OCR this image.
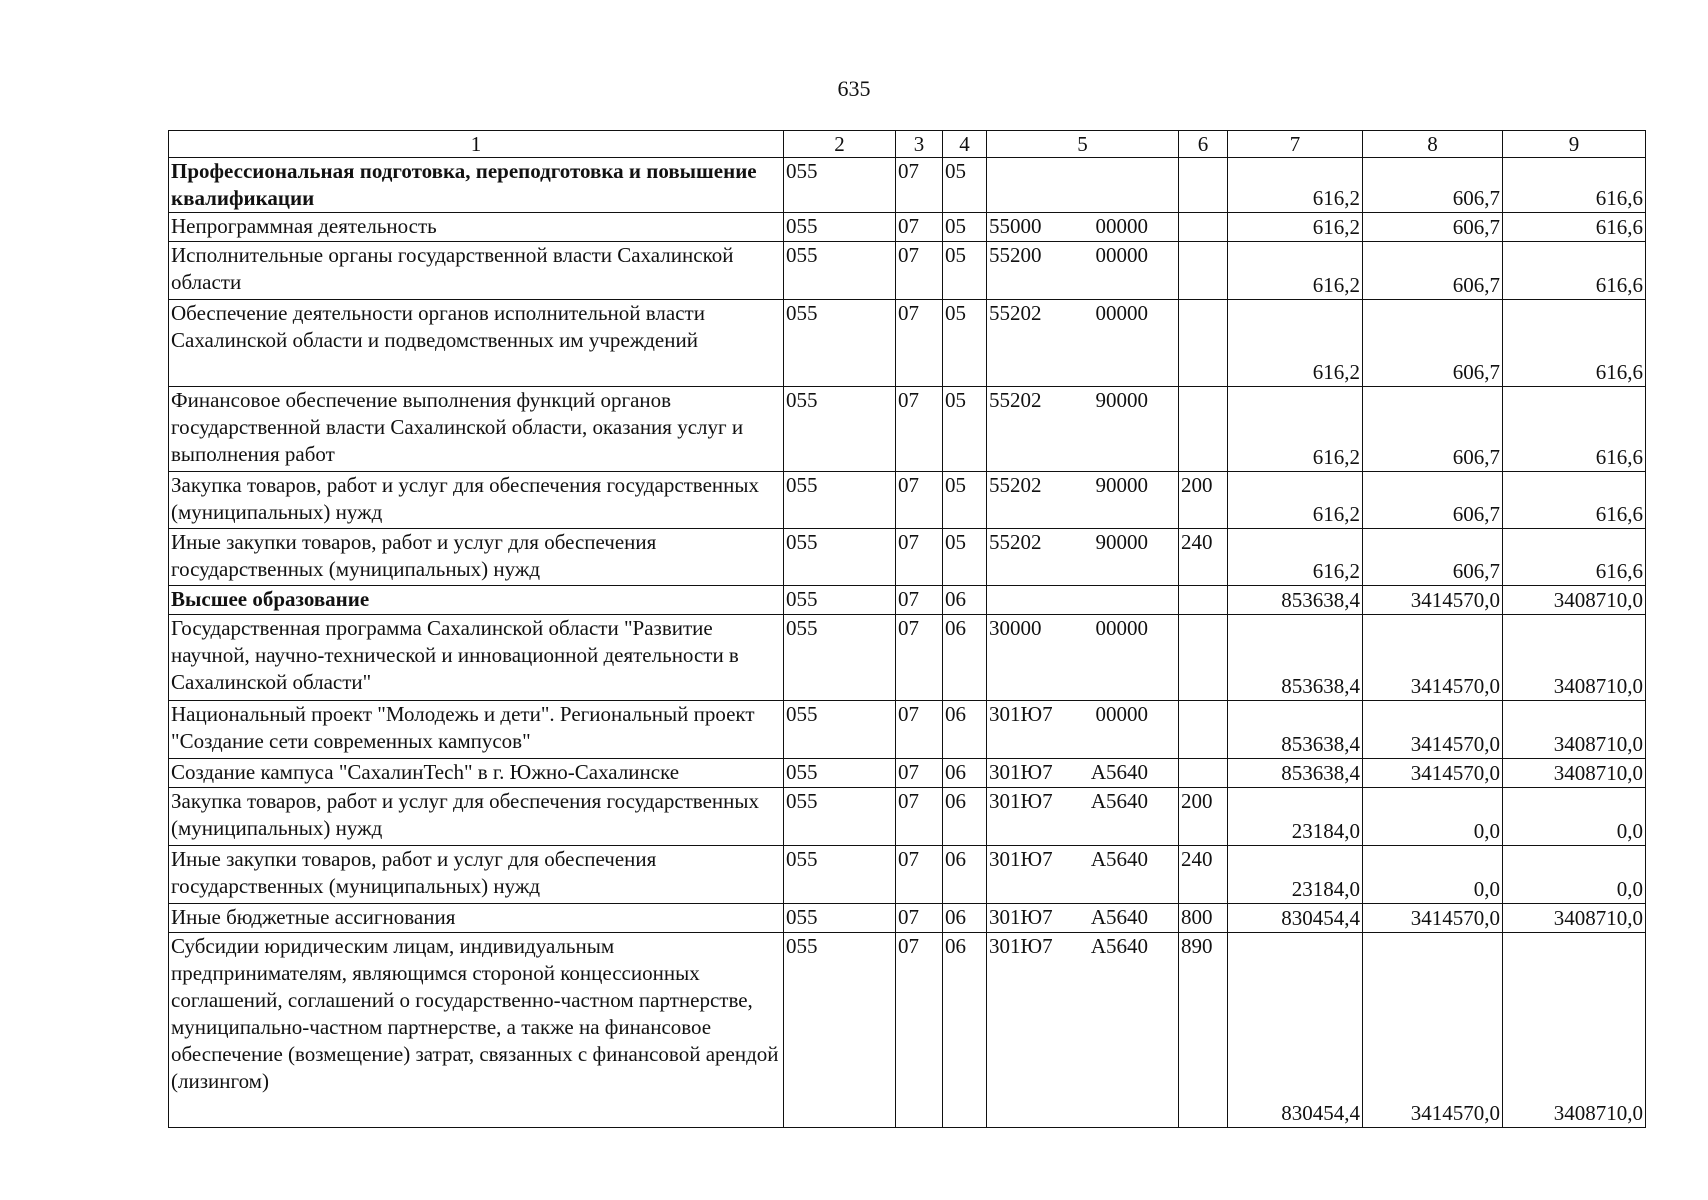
635
1	2	3	4	5	6	7	8	9
Профессиональная подготовка, переподготовка и повышение квалификации	055	07	05			616,2	606,7	616,6
Непрограммная деятельность	055	07	05	55000 00000		616,2	606,7	616,6
Исполнительные органы государственной власти Сахалинской области	055	07	05	55200 00000		616,2	606,7	616,6
Обеспечение деятельности органов исполнительной власти Сахалинской области и подведомственных им учреждений	055	07	05	55202 00000		616,2	606,7	616,6
Финансовое обеспечение выполнения функций органов государственной власти Сахалинской области, оказания услуг и выполнения работ	055	07	05	55202 90000		616,2	606,7	616,6
Закупка товаров, работ и услуг для обеспечения государственных (муниципальных) нужд	055	07	05	55202 90000	200	616,2	606,7	616,6
Иные закупки товаров, работ и услуг для обеспечения государственных (муниципальных) нужд	055	07	05	55202 90000	240	616,2	606,7	616,6
Высшее образование	055	07	06			853638,4	3414570,0	3408710,0
Государственная программа Сахалинской области "Развитие научной, научно-технической и инновационной деятельности в Сахалинской области"	055	07	06	30000 00000		853638,4	3414570,0	3408710,0
Национальный проект "Молодежь и дети". Региональный проект "Создание сети современных кампусов"	055	07	06	301Ю7 00000		853638,4	3414570,0	3408710,0
Создание кампуса "СахалинTech" в г. Южно-Сахалинске	055	07	06	301Ю7 А5640		853638,4	3414570,0	3408710,0
Закупка товаров, работ и услуг для обеспечения государственных (муниципальных) нужд	055	07	06	301Ю7 А5640	200	23184,0	0,0	0,0
Иные закупки товаров, работ и услуг для обеспечения государственных (муниципальных) нужд	055	07	06	301Ю7 А5640	240	23184,0	0,0	0,0
Иные бюджетные ассигнования	055	07	06	301Ю7 А5640	800	830454,4	3414570,0	3408710,0
Субсидии юридическим лицам, индивидуальным предпринимателям, являющимся стороной концессионных соглашений, соглашений о государственно-частном партнерстве, муниципально-частном партнерстве, а также на финансовое обеспечение (возмещение) затрат, связанных с финансовой арендой (лизингом)	055	07	06	301Ю7 А5640	890	830454,4	3414570,0	3408710,0
